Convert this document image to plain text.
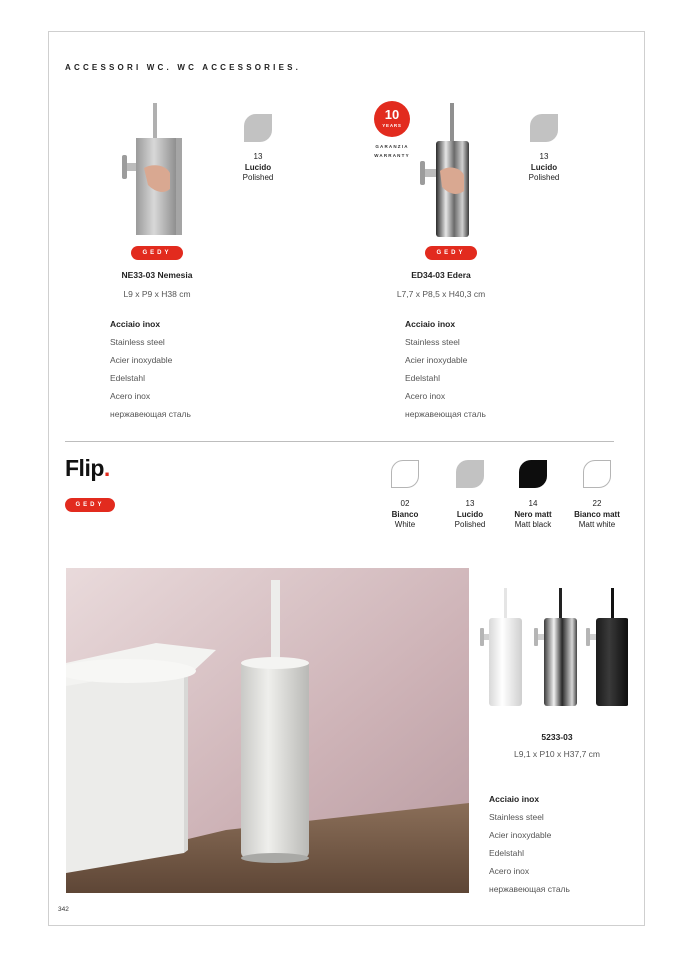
ACCESSORI WC. WC ACCESSORIES.
13
Lucido
Polished
GEDY
NE33-03 Nemesia
L9 x P9 x H38 cm
Acciaio inox
Stainless steel
Acier inoxydable
Edelstahl
Acero inox
нержавеющая сталь
10
YEARS
GARANZIA
WARRANTY	13
Lucido
Polished
GEDY
ED34-03 Edera
L7,7 x P8,5 x H40,3 cm
Acciaio inox
Stainless steel
Acier inoxydable
Edelstahl
Acero inox
нержавеющая сталь
Flip.
GEDY	02
Bianco
White
13
Lucido
Polished
14
Nero matt
Matt black
22
Bianco matt
Matt white
5233-03
L9,1 x P10 x H37,7 cm
Acciaio inox
Stainless steel
Acier inoxydable
Edelstahl
Acero inox
нержавеющая сталь
342
